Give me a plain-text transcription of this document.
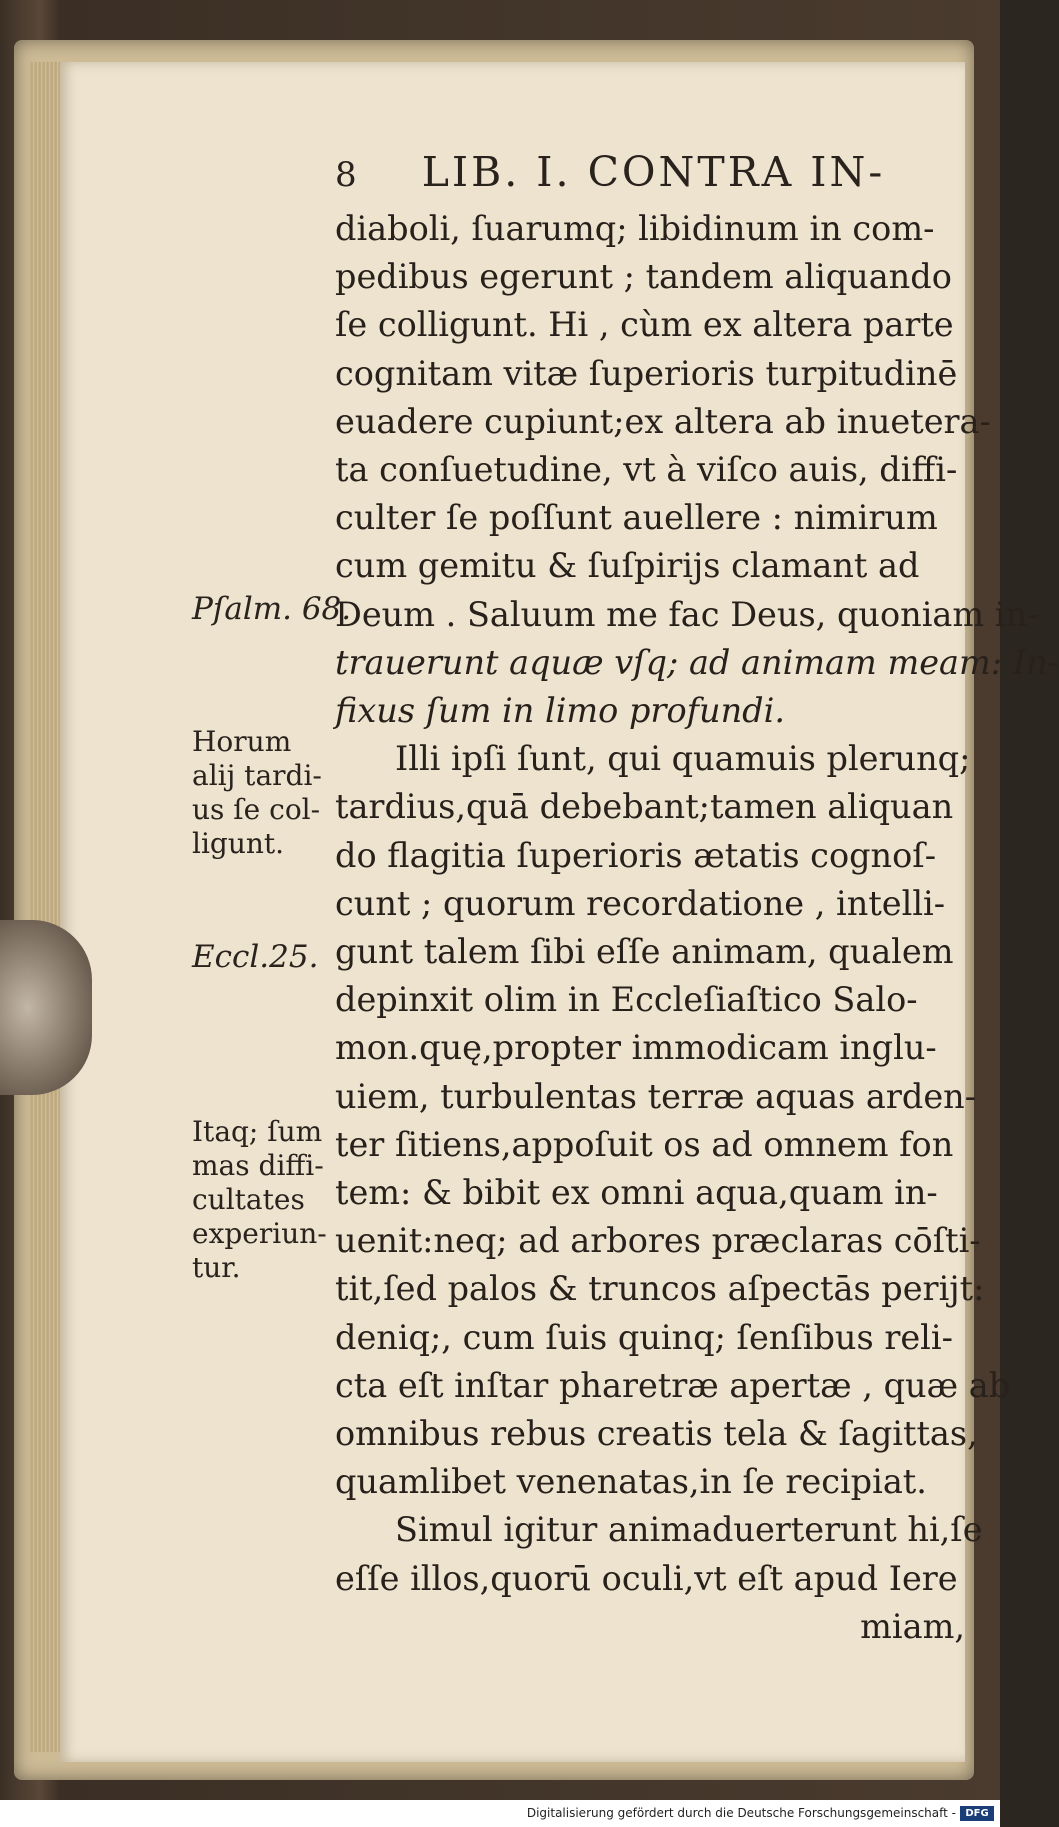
8 LIB. I. CONTRA IN-
diaboli, ſuarumq; libidinum in com-
pedibus egerunt ; tandem aliquando
ſe colligunt. Hi , cùm ex altera parte
cognitam vitæ ſuperioris turpitudinē
euadere cupiunt;ex altera ab inuetera-
ta conſuetudine, vt à viſco auis, diffi-
culter ſe poſſunt auellere : nimirum
cum gemitu & ſuſpirijs clamant ad
Deum . Saluum me fac Deus, quoniam in-
trauerunt aquæ vſq; ad animam meam: In-
fixus ſum in limo profundi.
Illi ipſi ſunt, qui quamuis plerunq;
tardius,quā debebant;tamen aliquan
do flagitia ſuperioris ætatis cognoſ-
cunt ; quorum recordatione , intelli-
gunt talem ſibi eſſe animam, qualem
depinxit olim in Eccleſiaſtico Salo-
mon.quę,propter immodicam inglu-
uiem, turbulentas terræ aquas arden-
ter ſitiens,appoſuit os ad omnem fon
tem: & bibit ex omni aqua,quam in-
uenit:neq; ad arbores præclaras cōſti-
tit,ſed palos & truncos aſpectās perijt:
deniq;, cum ſuis quinq; ſenſibus reli-
cta eſt inſtar pharetræ apertæ , quæ ab
omnibus rebus creatis tela & ſagittas,
quamlibet venenatas,in ſe recipiat.
Simul igitur animaduerterunt hi,ſe
eſſe illos,quorū oculi,vt eſt apud Iere
miam,
Pſalm. 68.
Horum
alij tardi-
us ſe col-
ligunt.
Eccl.25.
Itaq; ſum
mas diffi-
cultates
experiun-
tur.
Digitalisierung gefördert durch die Deutsche Forschungsgemeinschaft - DFG
